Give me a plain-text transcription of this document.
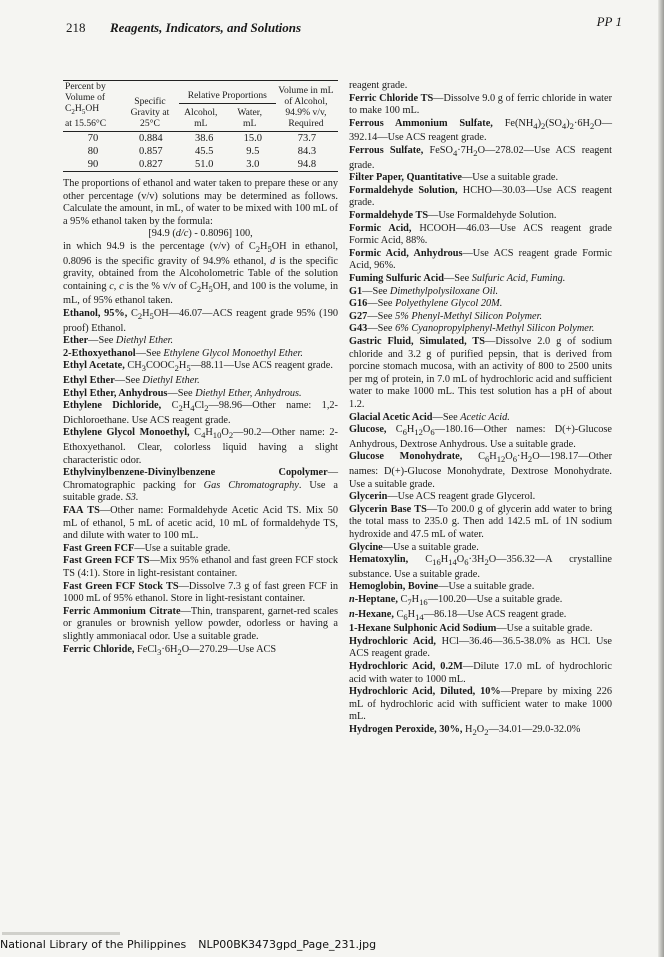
218 Reagents, Indicators, and Solutions	PP 1
Percent by Volume of
$C_2H_5OH$
at 15.56°C	Specific Gravity at
25°C	Relative Proportions		Volume in mL of Alcohol, 94.9% v/v, Required

		Alcohol, mL	Water, mL	

70	0.884	38.6	15.0	73.7
80	0.857	45.5	9.5	84.3
90	0.827	51.0	3.0	94.8

The proportions of ethanol and water taken to prepare these or any other percentage (v/v) solutions may be determined as follows. Calculate the amount, in mL, of water to be mixed with 100 mL of a 95% ethanol taken by the formula:

[94.9 (d/c) - 0.8096] 100,

in which 94.9 is the percentage (v/v) of $C_2H_5OH$ in ethanol, 0.8096 is the specific gravity of 94.9% ethanol, d is the specific gravity, obtained from the Alcoholometric Table of the solution containing c, c is the % v/v of $C_2H_5OH$, and 100 is the volume, in mL, of 95% ethanol taken.

Ethanol, 95%, $C_2H_5OH—46.07—ACS$ reagent grade 95% (190 proof) Ethanol.

Ether—See Diethyl Ether.

2-Ethoxyethanol—See Ethylene Glycol Monoethyl Ether.

Ethyl Acetate, $CH_3COOC_2H_5—88.11—Use$ ACS reagent grade.

Ethyl Ether—See Diethyl Ether.

Ethyl Ether, Anhydrous—See Diethyl Ether, Anhydrous.

Ethylene Dichloride, $C_2H_4Cl_2—98.96—Other$ name: 1,2-Dichloroethane. Use ACS reagent grade.

Ethylene Glycol Monoethyl, $C_4H_{10}O_2—90.2—Other$ name: 2-Ethoxyethanol. Clear, colorless liquid having a slight characteristic odor.

Ethylvinylbenzene-Divinylbenzene Copolymer—Chromatographic packing for Gas Chromatography. Use a suitable grade. S3.

FAA TS—Other name: Formaldehyde Acetic Acid TS. Mix 50 mL of ethanol, 5 mL of acetic acid, 10 mL of formaldehyde TS, and dilute with water to 100 mL.

Fast Green FCF—Use a suitable grade.

Fast Green FCF TS—Mix 95% ethanol and fast green FCF stock TS (4:1). Store in light-resistant container.

Fast Green FCF Stock TS—Dissolve 7.3 g of fast green FCF in 1000 mL of 95% ethanol. Store in light-resistant container.

Ferric Ammonium Citrate—Thin, transparent, garnet-red scales or granules or brownish yellow powder, odorless or having a slightly ammoniacal odor. Use a suitable grade.

Ferric Chloride, $FeCl_3\cdot 6H_2O—270.29—Use$ ACS

reagent grade.

Ferric Chloride TS—Dissolve 9.0 g of ferric chloride in water to make 100 mL.

Ferrous Ammonium Sulfate, $Fe(NH_4)_2(SO_4)_2\cdot 6H_2O—392.14—Use$ ACS reagent grade.

Ferrous Sulfate, $FeSO_4\cdot 7H_2O—278.02—Use$ ACS reagent grade.

Filter Paper, Quantitative—Use a suitable grade.

Formaldehyde Solution, HCHO—30.03—Use ACS reagent grade.

Formaldehyde TS—Use Formaldehyde Solution.

Formic Acid, HCOOH—46.03—Use ACS reagent grade Formic Acid, 88%.

Formic Acid, Anhydrous—Use ACS reagent grade Formic Acid, 96%.

Fuming Sulfuric Acid—See Sulfuric Acid, Fuming.

G1—See Dimethylpolysiloxane Oil.

G16—See Polyethylene Glycol 20M.

G27—See 5% Phenyl-Methyl Silicon Polymer.

G43—See 6% Cyanopropylphenyl-Methyl Silicon Polymer.

Gastric Fluid, Simulated, TS—Dissolve 2.0 g of sodium chloride and 3.2 g of purified pepsin, that is derived from porcine stomach mucosa, with an activity of 800 to 2500 units per mg of protein, in 7.0 mL of hydrochloric acid and sufficient water to make 1000 mL. This test solution has a pH of about 1.2.

Glacial Acetic Acid—See Acetic Acid.

Glucose, $C_6H_{12}O_6—180.16—Other$ names: D(+)-Glucose Anhydrous, Dextrose Anhydrous. Use a suitable grade.

Glucose Monohydrate, $C_6H_{12}O_6\cdot H_2O—198.17—Other$ names: D(+)-Glucose Monohydrate, Dextrose Monohydrate. Use a suitable grade.

Glycerin—Use ACS reagent grade Glycerol.

Glycerin Base TS—To 200.0 g of glycerin add water to bring the total mass to 235.0 g. Then add 142.5 mL of 1N sodium hydroxide and 47.5 mL of water.

Glycine—Use a suitable grade.

Hematoxylin, $C_{16}H_{14}O_6\cdot 3H_2O—356.32—A$ crystalline substance. Use a suitable grade.

Hemoglobin, Bovine—Use a suitable grade.

n-Heptane, $C_7H_{16}—100.20—Use$ a suitable grade.

n-Hexane, $C_6H_{14}—86.18—Use$ ACS reagent grade.

1-Hexane Sulphonic Acid Sodium—Use a suitable grade.

Hydrochloric Acid, HCl—36.46—36.5-38.0% as HCl. Use ACS reagent grade.

Hydrochloric Acid, 0.2M—Dilute 17.0 mL of hydrochloric acid with water to 1000 mL.

Hydrochloric Acid, Diluted, 10%—Prepare by mixing 226 mL of hydrochloric acid with sufficient water to make 1000 mL.

Hydrogen Peroxide, 30%, $H_2O_2—34.01—29.0-32.0\%$

National Library of the Philippines NLP00BK3473gpd_Page_231.jpg
